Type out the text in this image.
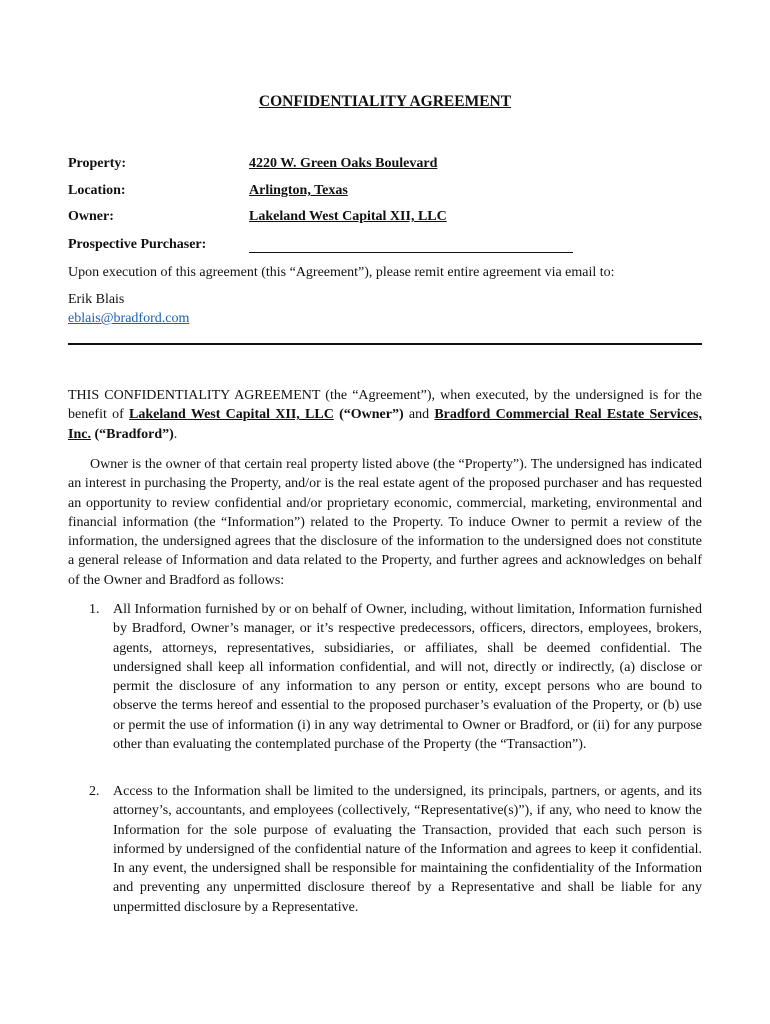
CONFIDENTIALITY AGREEMENT
Property:	4220 W. Green Oaks Boulevard
Location:	Arlington, Texas
Owner:	Lakeland West Capital XII, LLC
Prospective Purchaser:
Upon execution of this agreement (this “Agreement”), please remit entire agreement via email to:
Erik Blais
eblais@bradford.com
THIS CONFIDENTIALITY AGREEMENT (the “Agreement”), when executed, by the undersigned is for the benefit of Lakeland West Capital XII, LLC (“Owner”) and Bradford Commercial Real Estate Services, Inc. (“Bradford”).
Owner is the owner of that certain real property listed above (the “Property”). The undersigned has indicated an interest in purchasing the Property, and/or is the real estate agent of the proposed purchaser and has requested an opportunity to review confidential and/or proprietary economic, commercial, marketing, environmental and financial information (the “Information”) related to the Property. To induce Owner to permit a review of the information, the undersigned agrees that the disclosure of the information to the undersigned does not constitute a general release of Information and data related to the Property, and further agrees and acknowledges on behalf of the Owner and Bradford as follows:
1. All Information furnished by or on behalf of Owner, including, without limitation, Information furnished by Bradford, Owner’s manager, or it’s respective predecessors, officers, directors, employees, brokers, agents, attorneys, representatives, subsidiaries, or affiliates, shall be deemed confidential. The undersigned shall keep all information confidential, and will not, directly or indirectly, (a) disclose or permit the disclosure of any information to any person or entity, except persons who are bound to observe the terms hereof and essential to the proposed purchaser’s evaluation of the Property, or (b) use or permit the use of information (i) in any way detrimental to Owner or Bradford, or (ii) for any purpose other than evaluating the contemplated purchase of the Property (the “Transaction”).
2. Access to the Information shall be limited to the undersigned, its principals, partners, or agents, and its attorney’s, accountants, and employees (collectively, “Representative(s)”), if any, who need to know the Information for the sole purpose of evaluating the Transaction, provided that each such person is informed by undersigned of the confidential nature of the Information and agrees to keep it confidential. In any event, the undersigned shall be responsible for maintaining the confidentiality of the Information and preventing any unpermitted disclosure thereof by a Representative and shall be liable for any unpermitted disclosure by a Representative.
